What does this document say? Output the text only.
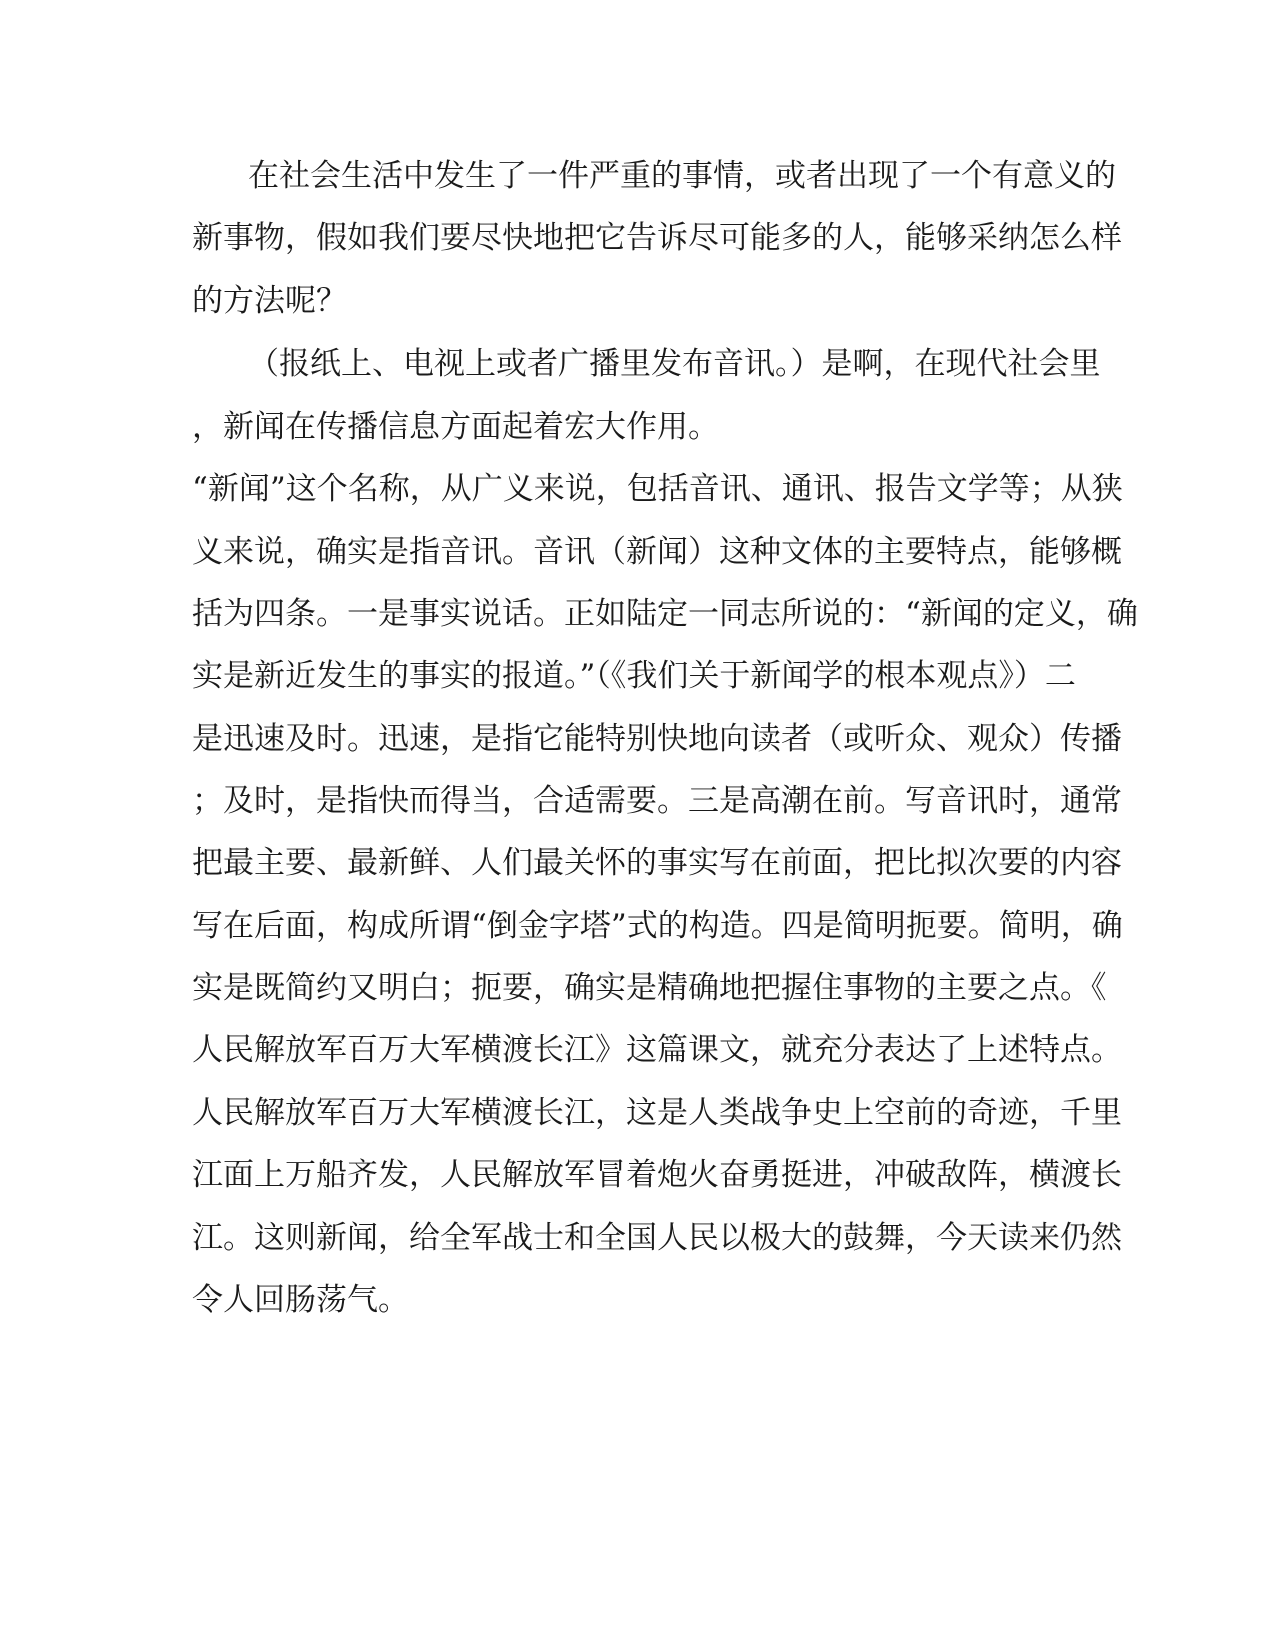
在社会生活中发生了一件严重的事情，或者出现了一个有意义的
新事物，假如我们要尽快地把它告诉尽可能多的人，能够采纳怎么样
的方法呢？
（报纸上、电视上或者广播里发布音讯。）是啊，在现代社会里
，新闻在传播信息方面起着宏大作用。
“新闻”这个名称，从广义来说，包括音讯、通讯、报告文学等；从狭
义来说，确实是指音讯。音讯（新闻）这种文体的主要特点，能够概
括为四条。一是事实说话。正如陆定一同志所说的：“新闻的定义，确
实是新近发生的事实的报道。”（《我们关于新闻学的根本观点》）二
是迅速及时。迅速，是指它能特别快地向读者（或听众、观众）传播
；及时，是指快而得当，合适需要。三是高潮在前。写音讯时，通常
把最主要、最新鲜、人们最关怀的事实写在前面，把比拟次要的内容
写在后面，构成所谓“倒金字塔”式的构造。四是简明扼要。简明，确
实是既简约又明白；扼要，确实是精确地把握住事物的主要之点。《
人民解放军百万大军横渡长江》这篇课文，就充分表达了上述特点。
人民解放军百万大军横渡长江，这是人类战争史上空前的奇迹，千里
江面上万船齐发，人民解放军冒着炮火奋勇挺进，冲破敌阵，横渡长
江。这则新闻，给全军战士和全国人民以极大的鼓舞，今天读来仍然
令人回肠荡气。
